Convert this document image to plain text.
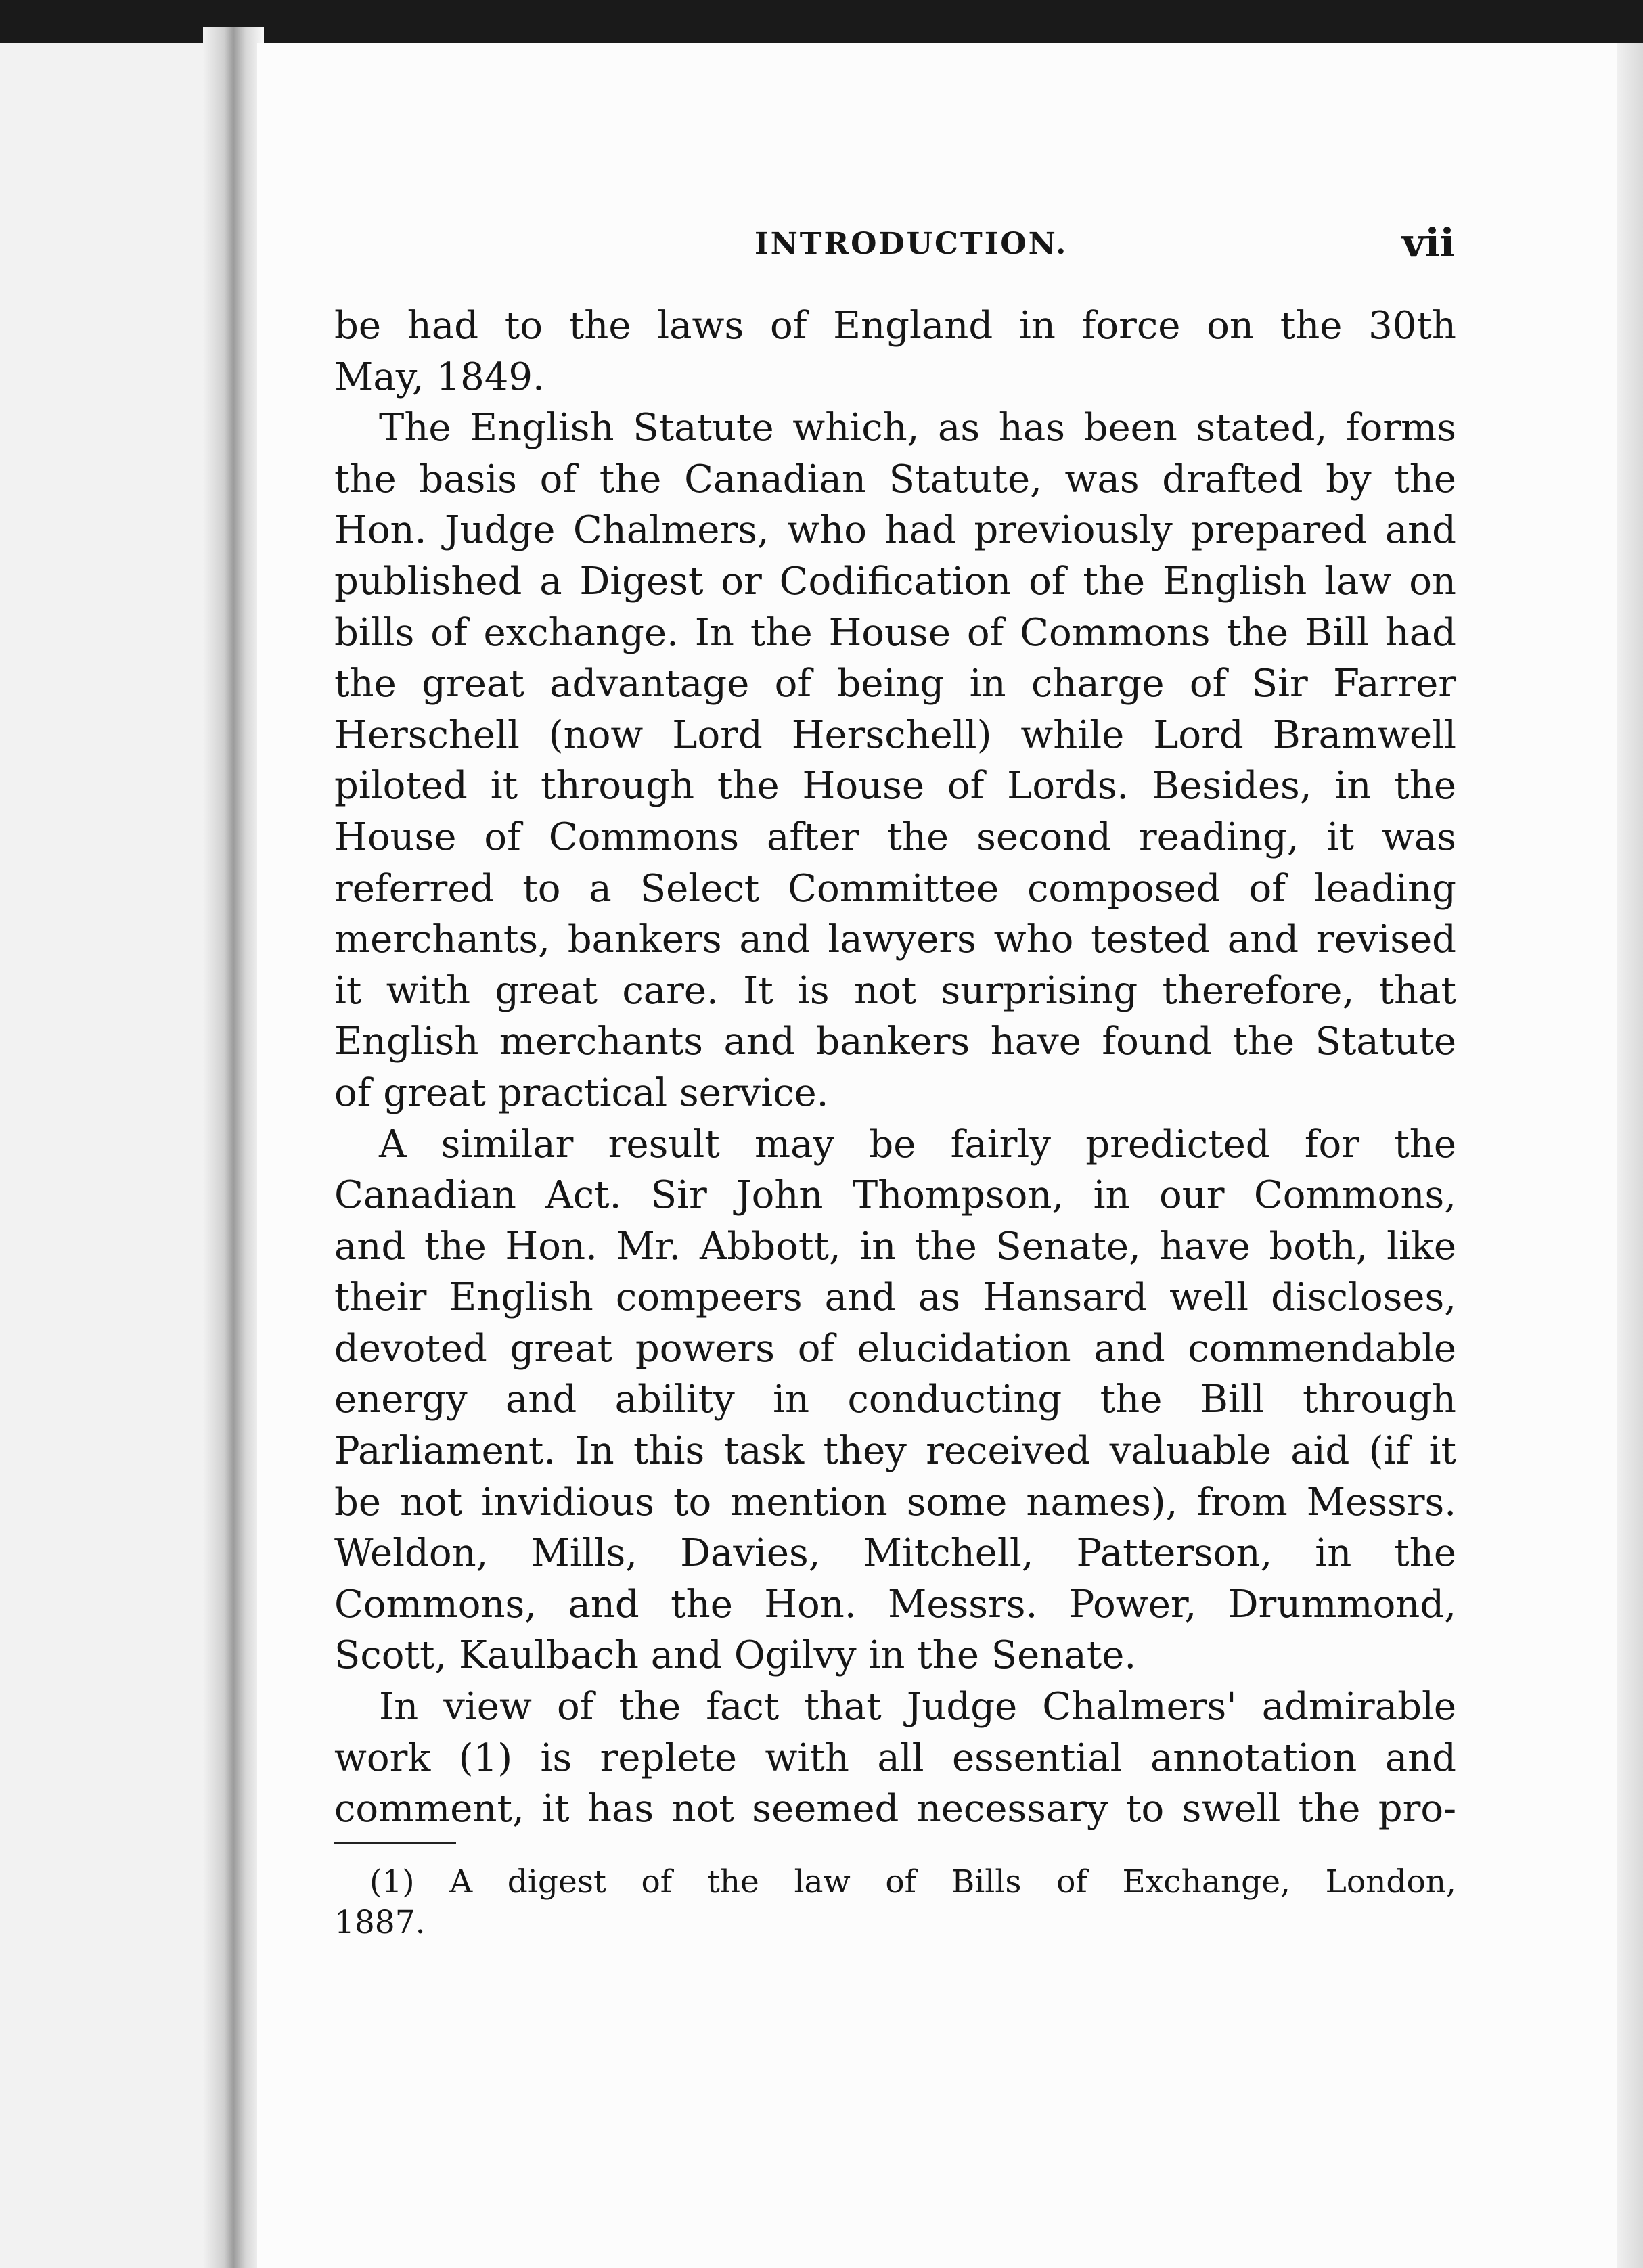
INTRODUCTION.	vii
be had to the laws of England in force on the 30th
May, 1849.
The English Statute which, as has been stated, forms
the basis of the Canadian Statute, was drafted by the
Hon. Judge Chalmers, who had previously prepared and
published a Digest or Codification of the English law on
bills of exchange. In the House of Commons the Bill had
the great advantage of being in charge of Sir Farrer
Herschell (now Lord Herschell) while Lord Bramwell
piloted it through the House of Lords. Besides, in the
House of Commons after the second reading, it was
referred to a Select Committee composed of leading
merchants, bankers and lawyers who tested and revised
it with great care. It is not surprising therefore, that
English merchants and bankers have found the Statute
of great practical service.
A similar result may be fairly predicted for the
Canadian Act. Sir John Thompson, in our Commons,
and the Hon. Mr. Abbott, in the Senate, have both, like
their English compeers and as Hansard well discloses,
devoted great powers of elucidation and commendable
energy and ability in conducting the Bill through
Parliament. In this task they received valuable aid (if it
be not invidious to mention some names), from Messrs.
Weldon, Mills, Davies, Mitchell, Patterson, in the
Commons, and the Hon. Messrs. Power, Drummond,
Scott, Kaulbach and Ogilvy in the Senate.
In view of the fact that Judge Chalmers' admirable
work (1) is replete with all essential annotation and
comment, it has not seemed necessary to swell the pro-
(1) A digest of the law of Bills of Exchange, London,
1887.
